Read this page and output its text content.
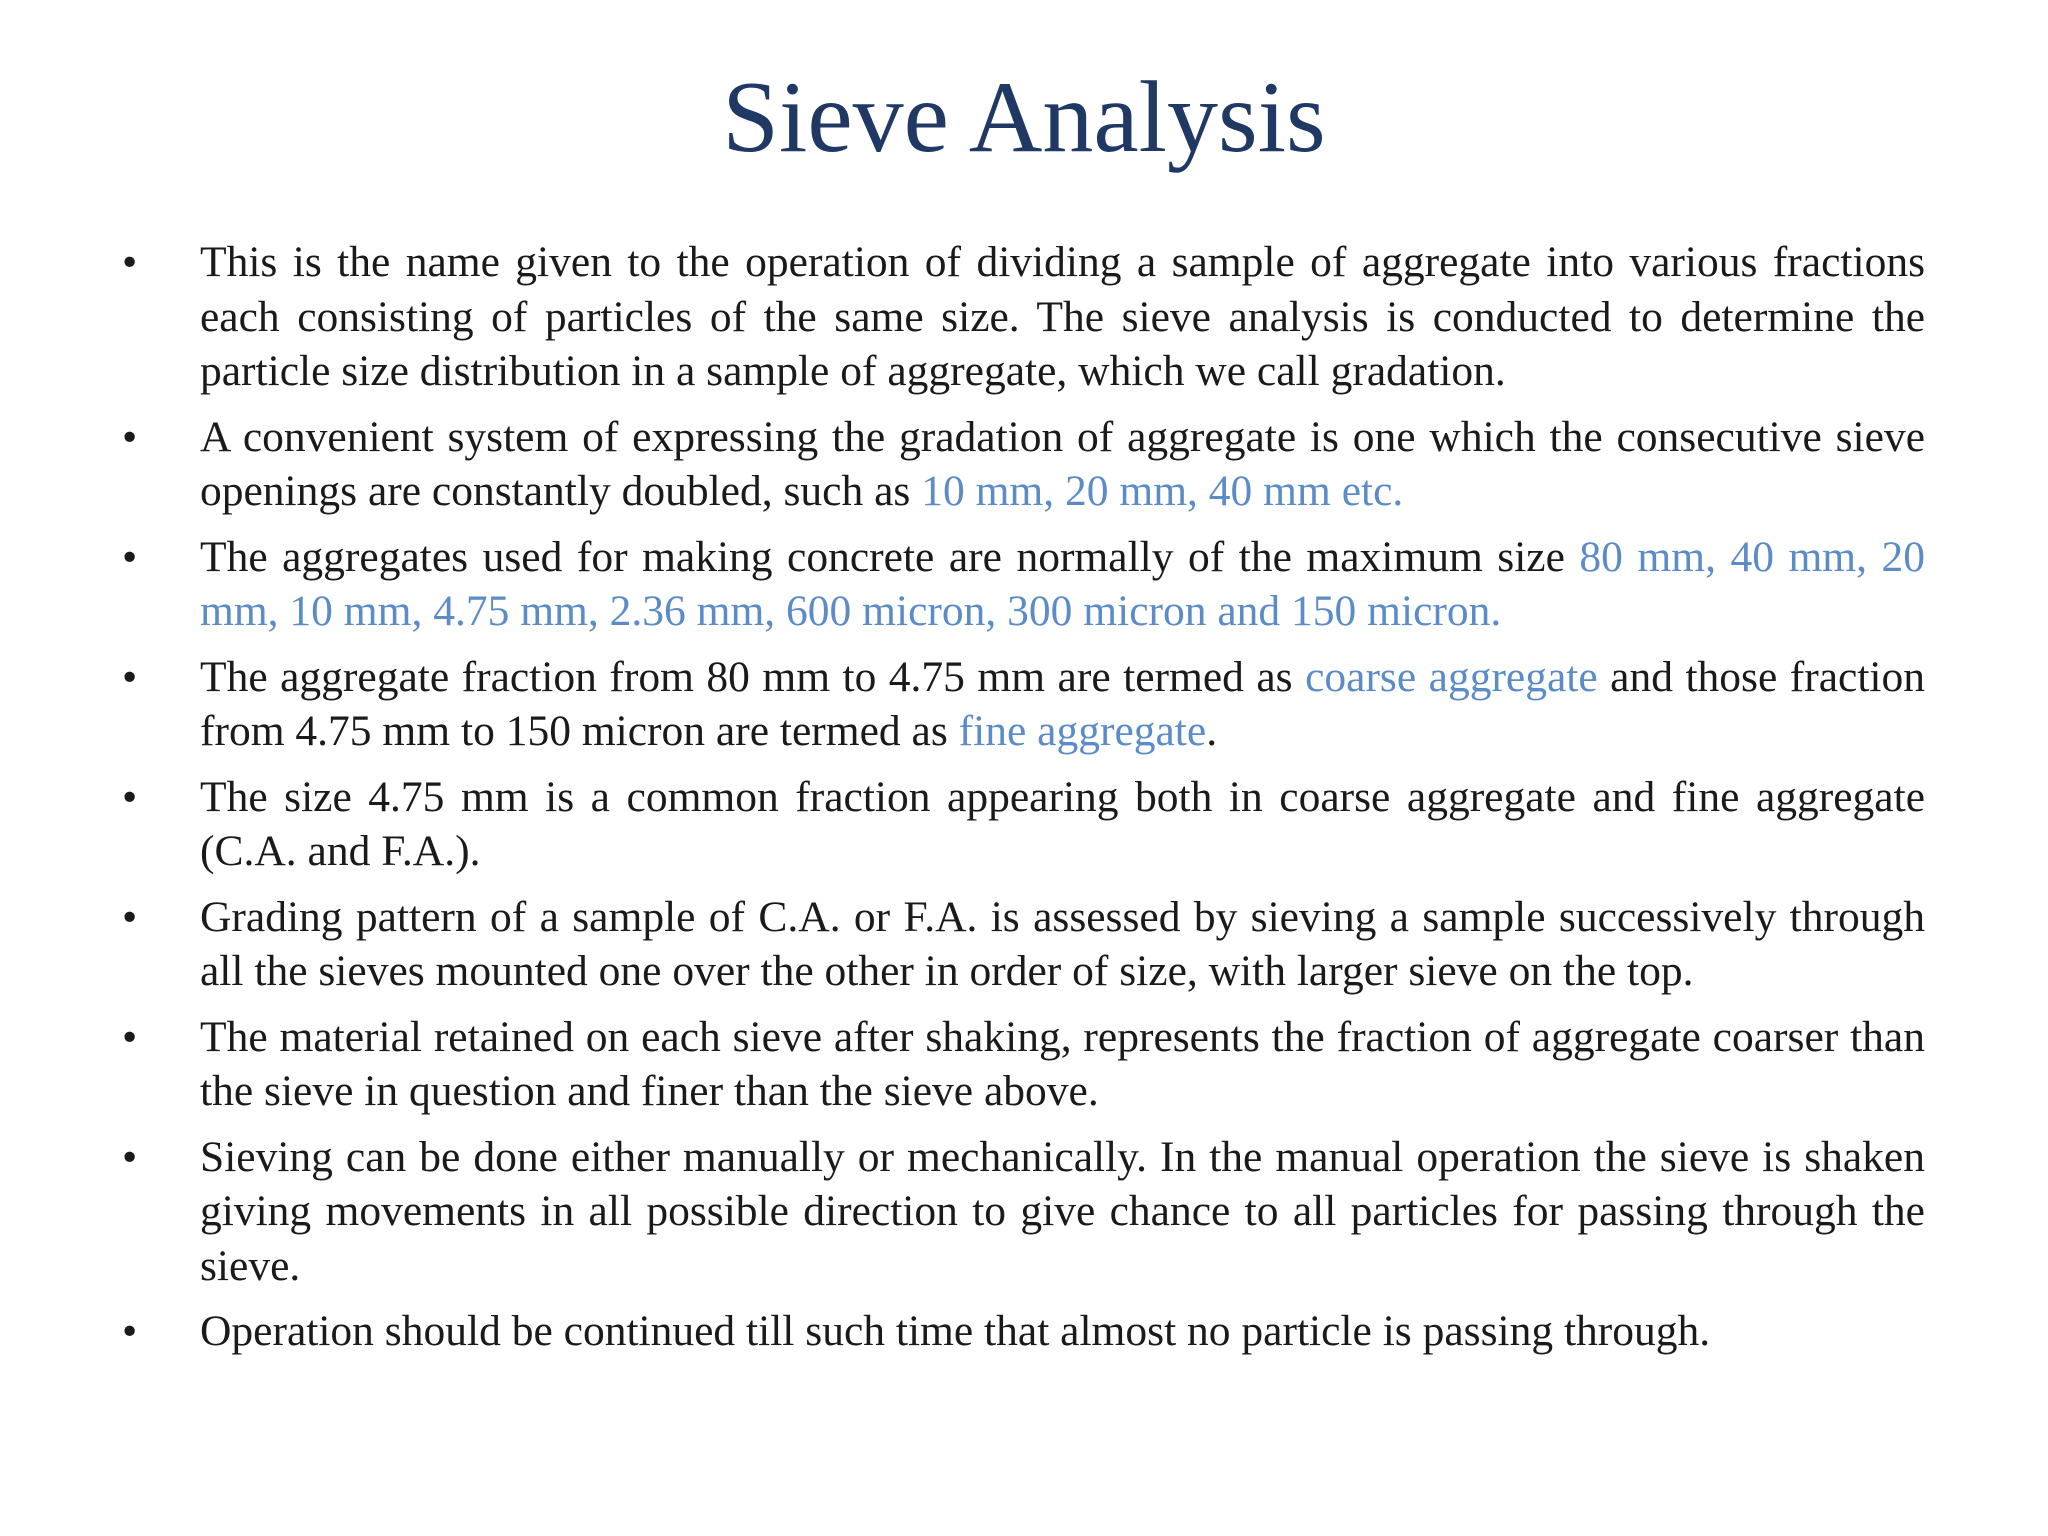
Sieve Analysis
•	This is the name given to the operation of dividing a sample of aggregate into various fractions each consisting of particles of the same size. The sieve analysis is conducted to determine the particle size distribution in a sample of aggregate, which we call gradation.
•	A convenient system of expressing the gradation of aggregate is one which the consecutive sieve openings are constantly doubled, such as 10 mm, 20 mm, 40 mm etc.
•	The aggregates used for making concrete are normally of the maximum size 80 mm, 40 mm, 20 mm, 10 mm, 4.75 mm, 2.36 mm, 600 micron, 300 micron and 150 micron.
•	The aggregate fraction from 80 mm to 4.75 mm are termed as coarse aggregate and those fraction from 4.75 mm to 150 micron are termed as fine aggregate.
•	The size 4.75 mm is a common fraction appearing both in coarse aggregate and fine aggregate (C.A. and F.A.).
•	Grading pattern of a sample of C.A. or F.A. is assessed by sieving a sample successively through all the sieves mounted one over the other in order of size, with larger sieve on the top.
•	The material retained on each sieve after shaking, represents the fraction of aggregate coarser than the sieve in question and finer than the sieve above.
•	Sieving can be done either manually or mechanically. In the manual operation the sieve is shaken giving movements in all possible direction to give chance to all particles for passing through the sieve.
•	Operation should be continued till such time that almost no particle is passing through.
